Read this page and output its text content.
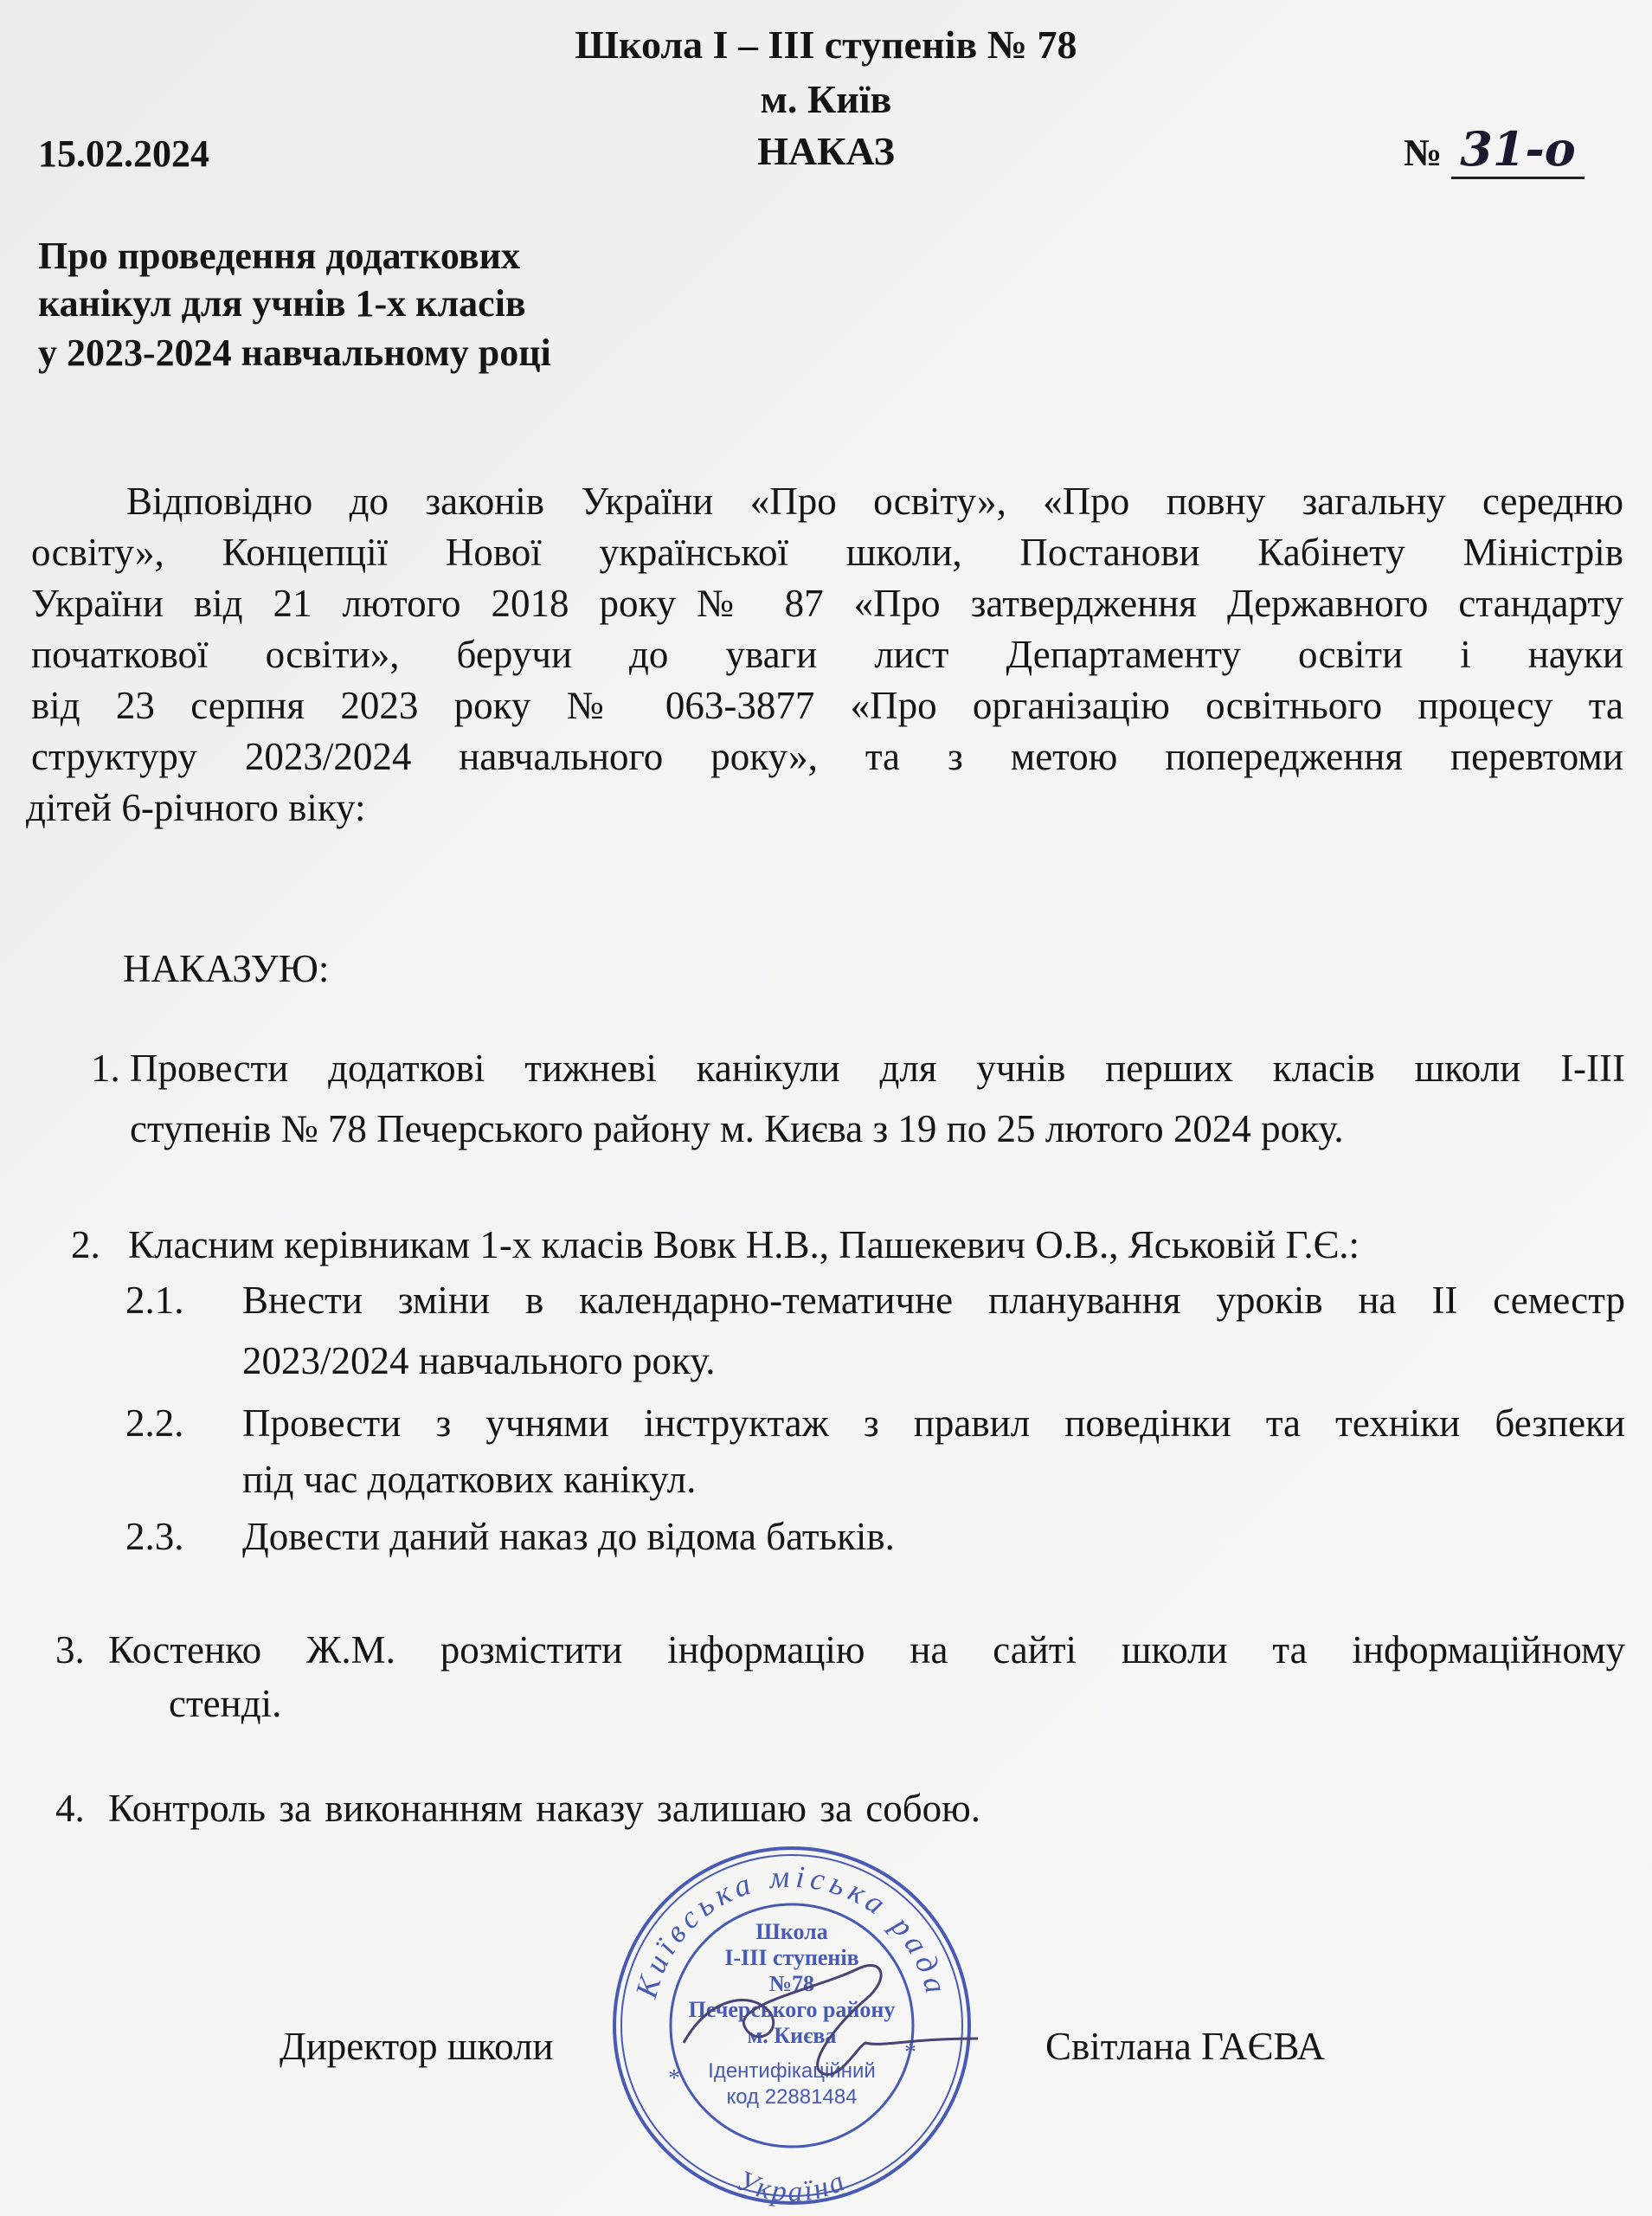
Школа I – III ступенів № 78
м. Київ
НАКАЗ
15.02.2024	№ 31-о
Про проведення додаткових
канікул для учнів 1-х класів
у 2023-2024 навчальному році
Відповідно до законів України «Про освіту», «Про повну загальну середню
освіту», Концепції Нової української школи, Постанови Кабінету Міністрів
України від 21 лютого 2018 року№ 87 «Про затвердження Державного стандарту
початкової освіти», беручи до уваги лист Департаменту освіти і науки
від 23 серпня 2023 року № 063-3877 «Про організацію освітнього процесу та
структуру 2023/2024 навчального року», та з метою попередження перевтоми
дітей 6-річного віку:
НАКАЗУЮ:
1. Провести додаткові тижневі канікули для учнів перших класів школи І-ІІІ
ступенів № 78 Печерського району м. Києва з 19 по 25 лютого 2024 року.
2. Класним керівникам 1-х класів Вовк Н.В., Пашекевич О.В., Яськовій Г.Є.:
2.1. Внести зміни в календарно-тематичне планування уроків на ІІ семестр
2023/2024 навчального року.
2.2. Провести з учнями інструктаж з правил поведінки та техніки безпеки
під час додаткових канікул.
2.3. Довести даний наказ до відома батьків.
3. Костенко Ж.М. розмістити інформацію на сайті школи та інформаційному
стенді.
4. Контроль за виконанням наказу залишаю за собою.
Директор школи	Світлана ГАЄВА
Київська міська рада
Україна
Школа
І-ІІІ ступенів
№78
Печерського району
м. Києва
Ідентифікаційний
код 22881484
*
*
